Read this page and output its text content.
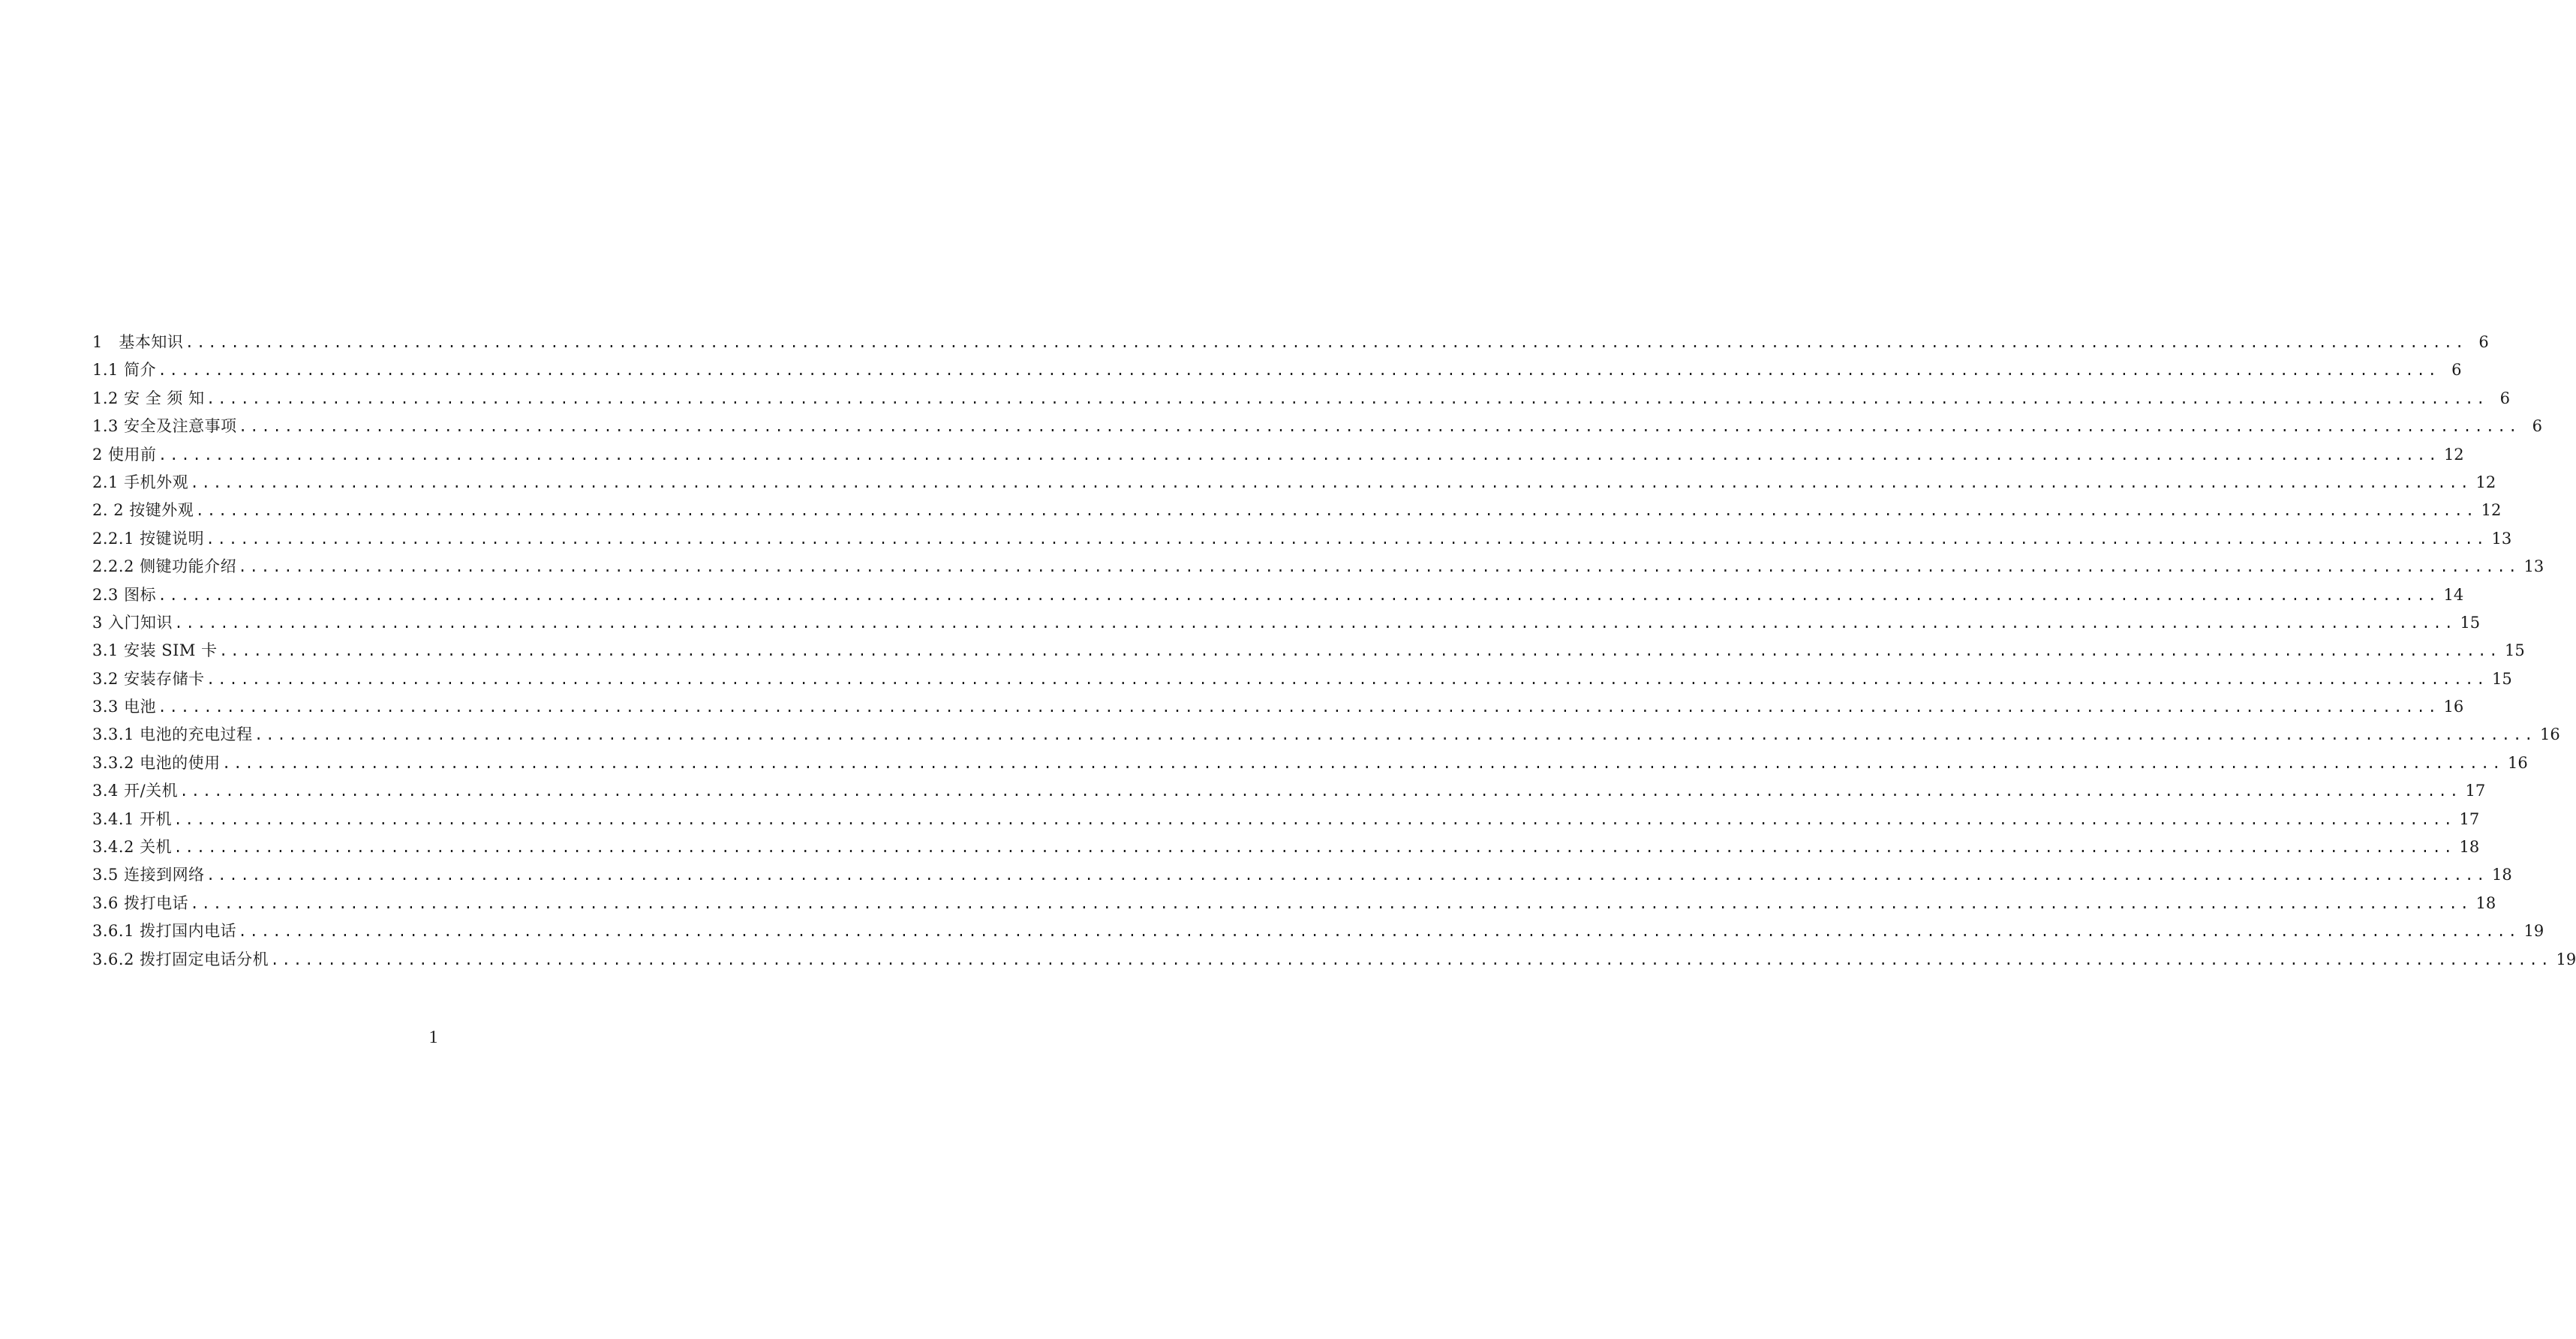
1　基本知识 ........................................................................................................................................................................................................ 6
1.1 简介 ........................................................................................................................................................................................................ 6
1.2 安 全 须 知 ........................................................................................................................................................................................................ 6
1.3 安全及注意事项 ........................................................................................................................................................................................................ 6
2 使用前 ........................................................................................................................................................................................................ 12
2.1 手机外观 ........................................................................................................................................................................................................ 12
2. 2 按键外观 ........................................................................................................................................................................................................ 12
2.2.1 按键说明 ........................................................................................................................................................................................................ 13
2.2.2 侧键功能介绍 ........................................................................................................................................................................................................ 13
2.3 图标 ........................................................................................................................................................................................................ 14
3 入门知识 ........................................................................................................................................................................................................ 15
3.1 安装 SIM 卡 ........................................................................................................................................................................................................ 15
3.2 安装存储卡 ........................................................................................................................................................................................................ 15
3.3 电池 ........................................................................................................................................................................................................ 16
3.3.1 电池的充电过程 ........................................................................................................................................................................................................ 16
3.3.2 电池的使用 ........................................................................................................................................................................................................ 16
3.4 开/关机 ........................................................................................................................................................................................................ 17
3.4.1 开机 ........................................................................................................................................................................................................ 17
3.4.2 关机 ........................................................................................................................................................................................................ 18
3.5 连接到网络 ........................................................................................................................................................................................................ 18
3.6 拨打电话 ........................................................................................................................................................................................................ 18
3.6.1 拨打国内电话 ........................................................................................................................................................................................................ 19
3.6.2 拨打固定电话分机 ........................................................................................................................................................................................................ 19
1
